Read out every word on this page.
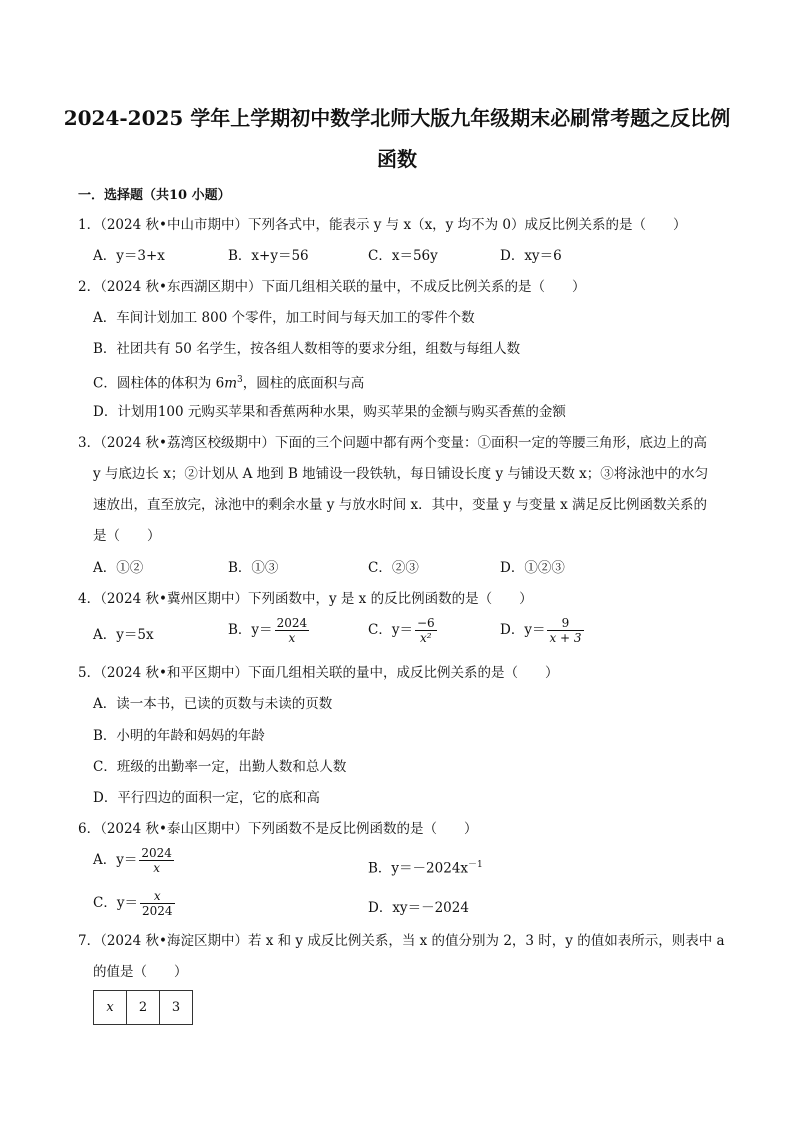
2024-2025 学年上学期初中数学北师大版九年级期末必刷常考题之反比例
函数
一．选择题（共10 小题）
1．（2024 秋•中山市期中）下列各式中，能表示 y 与 x（x，y 均不为 0）成反比例关系的是（　　）
A．y＝3+x	B．x+y＝56	C．x＝56y	D．xy＝6
2．（2024 秋•东西湖区期中）下面几组相关联的量中，不成反比例关系的是（　　）
A．车间计划加工 800 个零件，加工时间与每天加工的零件个数
B．社团共有 50 名学生，按各组人数相等的要求分组，组数与每组人数
C．圆柱体的体积为 $6m^3$，圆柱的底面积与高
D．计划用100 元购买苹果和香蕉两种水果，购买苹果的金额与购买香蕉的金额
3．（2024 秋•荔湾区校级期中）下面的三个问题中都有两个变量：①面积一定的等腰三角形，底边上的高
y 与底边长 x；②计划从 A 地到 B 地铺设一段铁轨，每日铺设长度 y 与铺设天数 x；③将泳池中的水匀
速放出，直至放完，泳池中的剩余水量 y 与放水时间 x．其中，变量 y 与变量 x 满足反比例函数关系的
是（　　）
A．①②	B．①③	C．②③	D．①②③
4．（2024 秋•冀州区期中）下列函数中，y 是 x 的反比例函数的是（　　）
A．y＝5x	B．$y= \frac{2024}{x}$	C．$y= \frac{-6}{\text{x²}}$	D．$y= \frac{9}{x + 3}$
5．（2024 秋•和平区期中）下面几组相关联的量中，成反比例关系的是（　　）
A．读一本书，已读的页数与未读的页数
B．小明的年龄和妈妈的年龄
C．班级的出勤率一定，出勤人数和总人数
D．平行四边的面积一定，它的底和高
6．（2024 秋•泰山区期中）下列函数不是反比例函数的是（　　）
A．$y= \frac{2024}{x}$	B．$y=-2024x^{-1}$
C．$y= \frac{x}{2024}$	D．xy＝－2024
7．（2024 秋•海淀区期中）若 x 和 y 成反比例关系，当 x 的值分别为 2，3 时，y 的值如表所示，则表中 a
的值是（　　）
x	2	3
